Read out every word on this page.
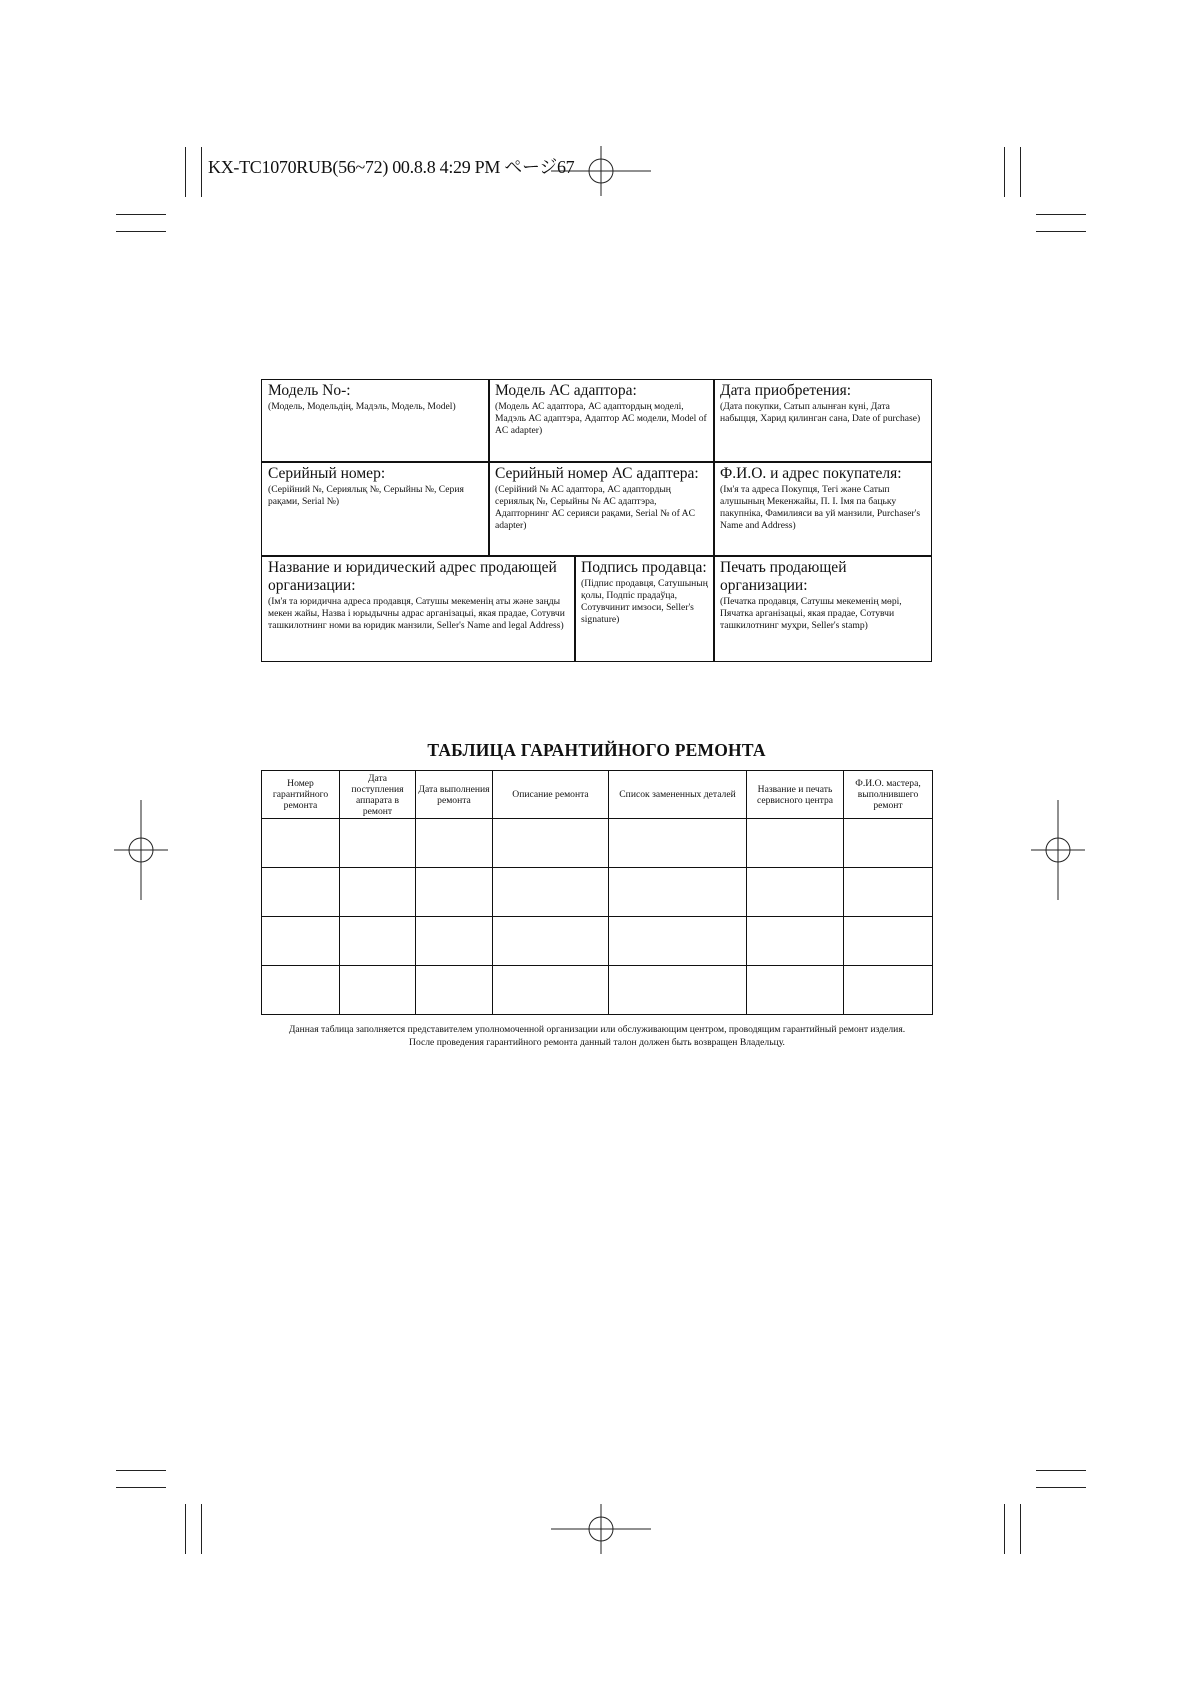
KX-TC1070RUB(56~72) 00.8.8 4:29 PM ページ67
Модель No-:
(Модель, Модельдің, Мадэль, Модель, Model)
Модель АС адаптора:
(Модель АС адаптора, АС адаптордың моделі, Мадэль АС адаптэра, Адаптор АС модели, Model of AC adapter)
Дата приобретения:
(Дата покупки, Сатып алынған күні, Дата набыцця, Харид қилинган сана, Date of purchase)
Серийный номер:
(Серійний №, Сериялық №, Серыйны №, Серия рақами, Serial №)
Серийный номер АС адаптера:
(Серійний № АС адаптора, АС адаптордың сериялық №, Серыйны № АС адаптэра, Адапторнинг АС серияси рақами, Serial № of AC adapter)
Ф.И.О. и адрес покупателя:
(Ім'я та адреса Покупця, Тегі және Сатып алушының Мекенжайы, П. І. Імя па бацьку пакупніка, Фамилияси ва уй манзили, Purchaser's Name and Address)
Название и юридический адрес продающей организации:
(Ім'я та юридична адреса продавця, Сатушы мекеменің аты және заңды мекен жайы, Назва і юрыдычны адрас арганізацыі, якая прадае, Сотувчи ташкилотнинг номи ва юридик манзили, Seller's Name and legal Address)
Подпись продавца:
(Підпис продавця, Сатушының қолы, Подпіс прадаўца, Сотувчинит имзоси, Seller's signature)
Печать продающей организации:
(Печатка продавця, Сатушы мекеменің мөрі, Пячатка арганізацыі, якая прадае, Сотувчи ташкилотнинг муҳри, Seller's stamp)
ТАБЛИЦА ГАРАНТИЙНОГО РЕМОНТА
Номер гарантийного ремонта	Дата поступления аппарата в ремонт	Дата выполнения ремонта	Описание ремонта	Список замененных деталей	Название и печать сервисного центра	Ф.И.О. мастера, выполнившего ремонт

Данная таблица заполняется представителем уполномоченной организации или обслуживающим центром, проводящим гарантийный ремонт изделия.
После проведения гарантийного ремонта данный талон должен быть возвращен Владельцу.
